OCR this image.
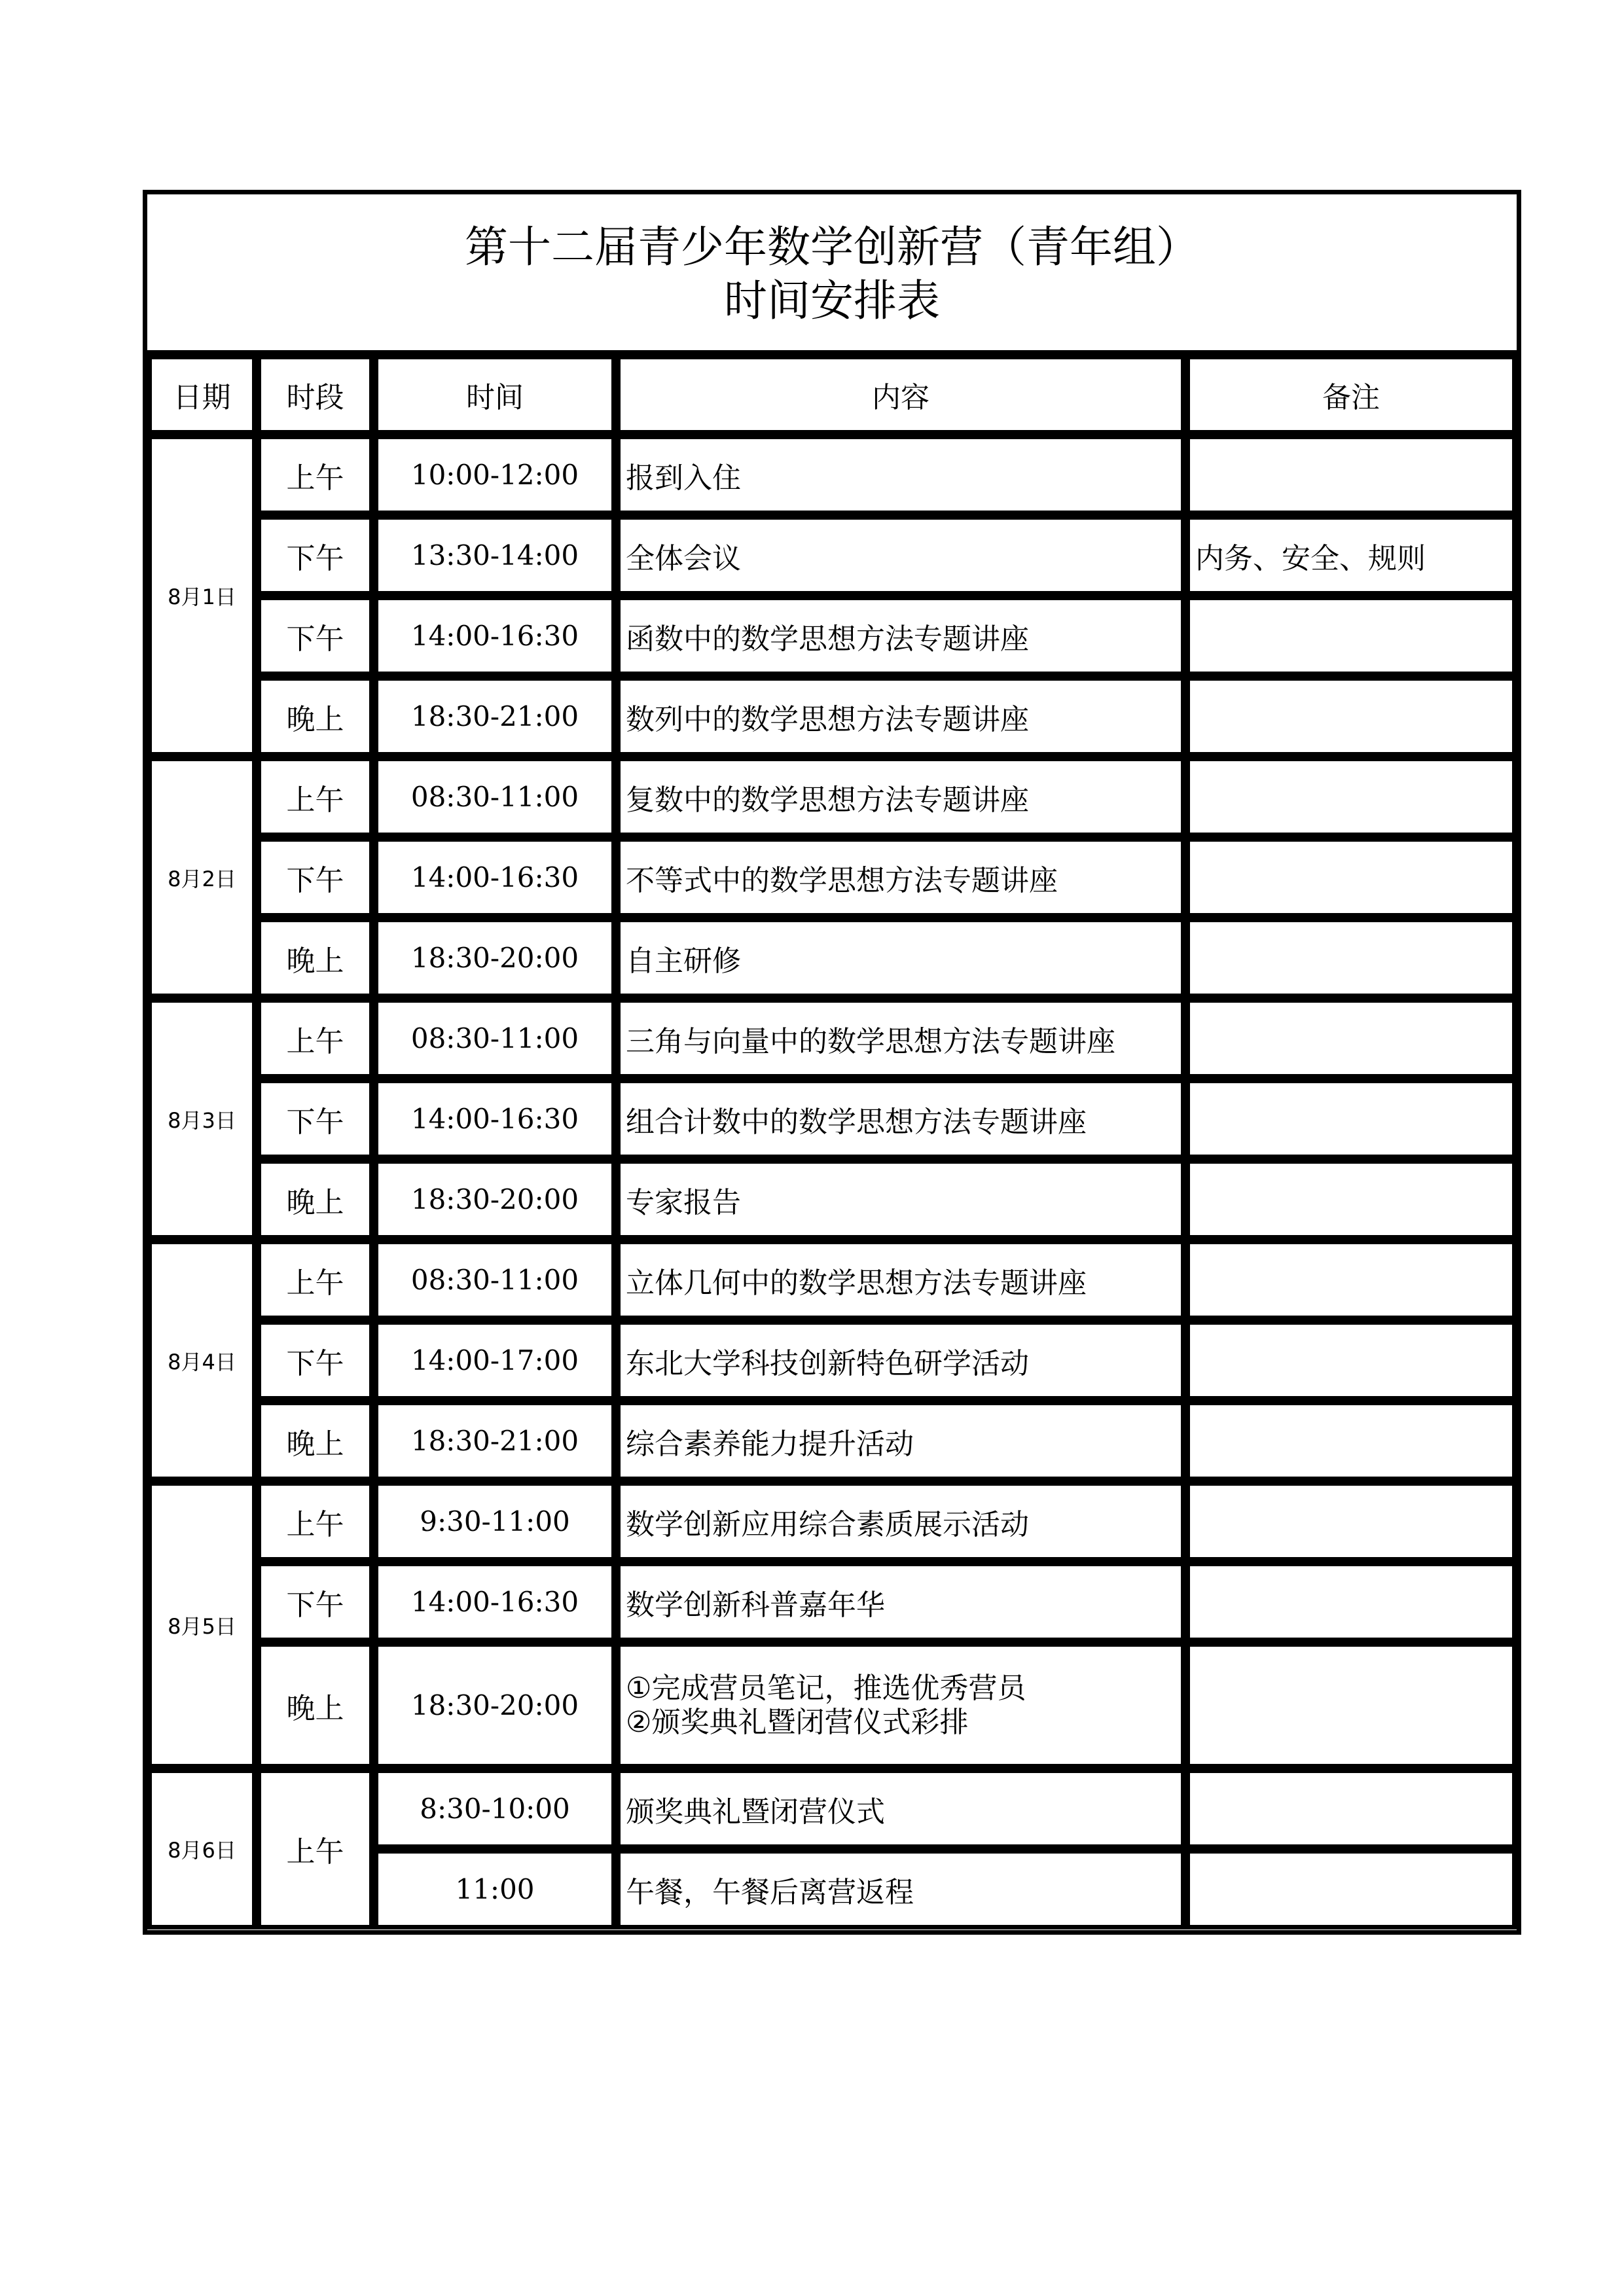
第十二届青少年数学创新营（青年组）
时间安排表
日期	时段	时间	内容	备注
8月1日	上午	10:00-12:00	报到入住	
	下午	13:30-14:00	全体会议	内务、安全、规则
	下午	14:00-16:30	函数中的数学思想方法专题讲座	
	晚上	18:30-21:00	数列中的数学思想方法专题讲座	
8月2日	上午	08:30-11:00	复数中的数学思想方法专题讲座	
	下午	14:00-16:30	不等式中的数学思想方法专题讲座	
	晚上	18:30-20:00	自主研修	
8月3日	上午	08:30-11:00	三角与向量中的数学思想方法专题讲座	
	下午	14:00-16:30	组合计数中的数学思想方法专题讲座	
	晚上	18:30-20:00	专家报告	
8月4日	上午	08:30-11:00	立体几何中的数学思想方法专题讲座	
	下午	14:00-17:00	东北大学科技创新特色研学活动	
	晚上	18:30-21:00	综合素养能力提升活动	
8月5日	上午	9:30-11:00	数学创新应用综合素质展示活动	
	下午	14:00-16:30	数学创新科普嘉年华	
	晚上	18:30-20:00	①完成营员笔记，推选优秀营员
②颁奖典礼暨闭营仪式彩排	

8月6日	上午	8:30-10:00	颁奖典礼暨闭营仪式	
		11:00	午餐，午餐后离营返程	
